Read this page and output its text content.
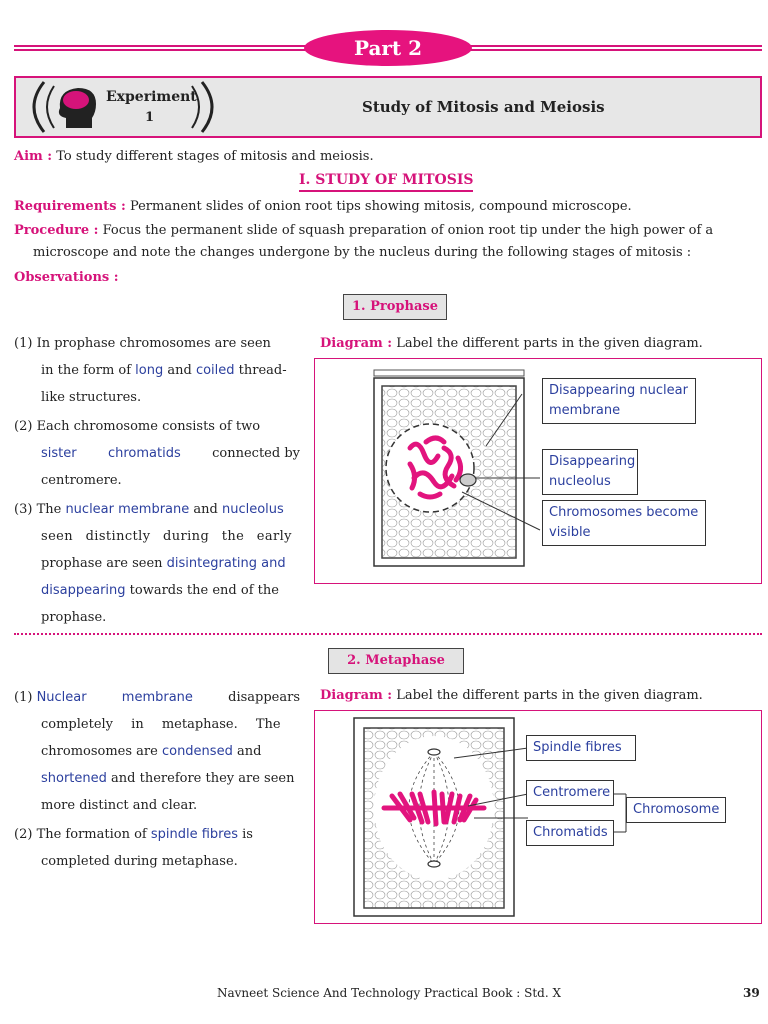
Part 2
Experiment
1
Study of Mitosis and Meiosis
Aim : To study different stages of mitosis and meiosis.
I. STUDY OF MITOSIS
Requirements : Permanent slides of onion root tips showing mitosis, compound microscope.
Procedure : Focus the permanent slide of squash preparation of onion root tip under the high power of a
microscope and note the changes undergone by the nucleus during the following stages of mitosis :
Observations :
1. Prophase
(1) In prophase chromosomes are seen
in the form of long and coiled thread-
like structures.
(2) Each chromosome consists of two
sister chromatids connected by
centromere.
(3) The nuclear membrane and nucleolus
seen distinctly during the early
prophase are seen disintegrating and
disappearing towards the end of the
prophase.
Diagram : Label the different parts in the given diagram.
Disappearing nuclear
membrane
Disappearing
nucleolus
Chromosomes become
visible
2. Metaphase
(1) Nuclear	membrane	disappears
completely in metaphase. The
chromosomes are condensed and
shortened and therefore they are seen
more distinct and clear.
(2) The formation of spindle fibres is
completed during metaphase.
Diagram : Label the different parts in the given diagram.
Spindle fibres
Centromere
Chromatids
Chromosome
Navneet Science And Technology Practical Book : Std. X	39
